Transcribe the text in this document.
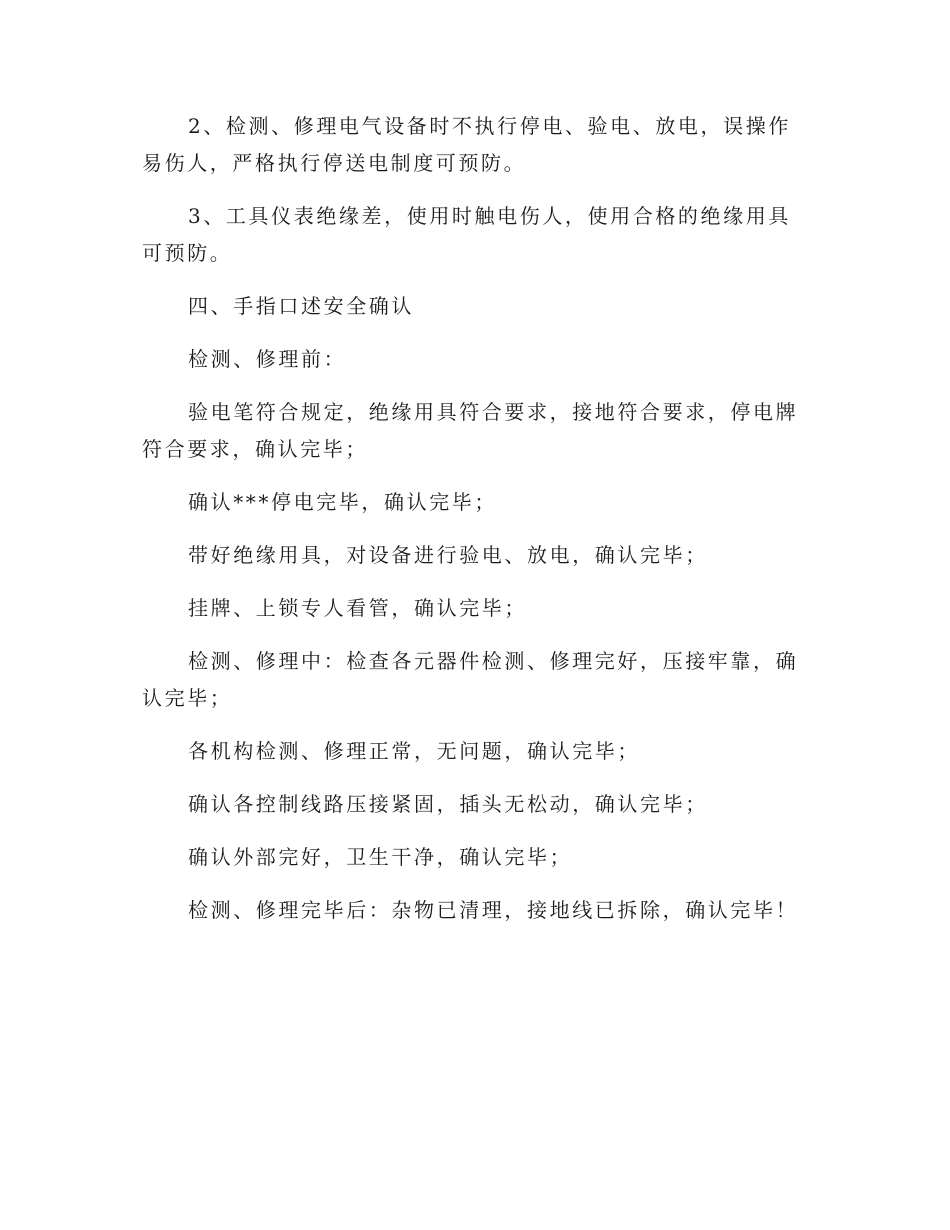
2、检测、修理电气设备时不执行停电、验电、放电，误操作易伤人，严格执行停送电制度可预防。

3、工具仪表绝缘差，使用时触电伤人，使用合格的绝缘用具可预防。

四、手指口述安全确认

检测、修理前：

验电笔符合规定，绝缘用具符合要求，接地符合要求，停电牌符合要求，确认完毕；

确认***停电完毕，确认完毕；

带好绝缘用具，对设备进行验电、放电，确认完毕；

挂牌、上锁专人看管，确认完毕；

检测、修理中：检查各元器件检测、修理完好，压接牢靠，确认完毕；

各机构检测、修理正常，无问题，确认完毕；

确认各控制线路压接紧固，插头无松动，确认完毕；

确认外部完好，卫生干净，确认完毕；

检测、修理完毕后：杂物已清理，接地线已拆除，确认完毕！
